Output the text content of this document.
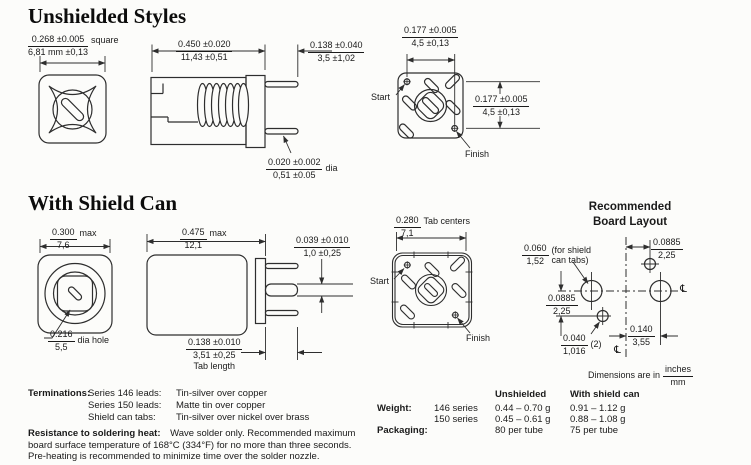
Unshielded Styles
With Shield Can	Recommended
Board Layout
$\frac{0.268 \pm 0.005}{6,81 mm \pm 0,13}$ square	$\frac{0.450 \pm 0.020}{11,43 \pm 0,51}$	$\frac{0.138 \pm 0.040}{3,5 \pm 1,02}$
$\frac{0.177 \pm 0.005}{4,5 \pm 0,13}$
$\frac{0.177 \pm 0.005}{4,5 \pm 0,13}$
$\frac{0.020 \pm 0.002}{0,51 \pm 0.05}$ dia
Start
Finish
$\frac{0.300}{7,6}$ max	$\frac{0.475}{12,1}$ max
$\frac{0.039 \pm 0.010}{1,0 \pm 0,25}$
$\frac{0.280}{7,1}$ Tab centers
$\frac{0.216}{5,5}$ dia hole	$\frac{0.138 \pm 0.010}{3,51 \pm 0,25}$
Tab length
Start
Finish
$\frac{0.060}{1,52} (for$ shield
can tabs)	$\frac{0.0885}{2,25}$
$\frac{0.0885}{2,25}$
$\frac{0.040}{1,016} (2)$	$\frac{0.140}{3,55}$
℄
℄
Dimensions are in $\frac{\text{inches}}{mm}$
Terminations:
Series 146 leads: Tin-silver over copper
Series 150 leads: Matte tin over copper
Shield can tabs: Tin-silver over nickel over brass
Resistance to soldering heat: Wave solder only. Recommended maximum
board surface temperature of 168°C (334°F) for no more than three seconds.
Pre-heating is recommended to minimize time over the solder nozzle.
Unshielded	With shield can
Weight: 146 series 0.44 – 0.70 g 0.91 – 1.12 g
150 series 0.45 – 0.61 g 0.88 – 1.08 g
Packaging:	80 per tube	75 per tube
